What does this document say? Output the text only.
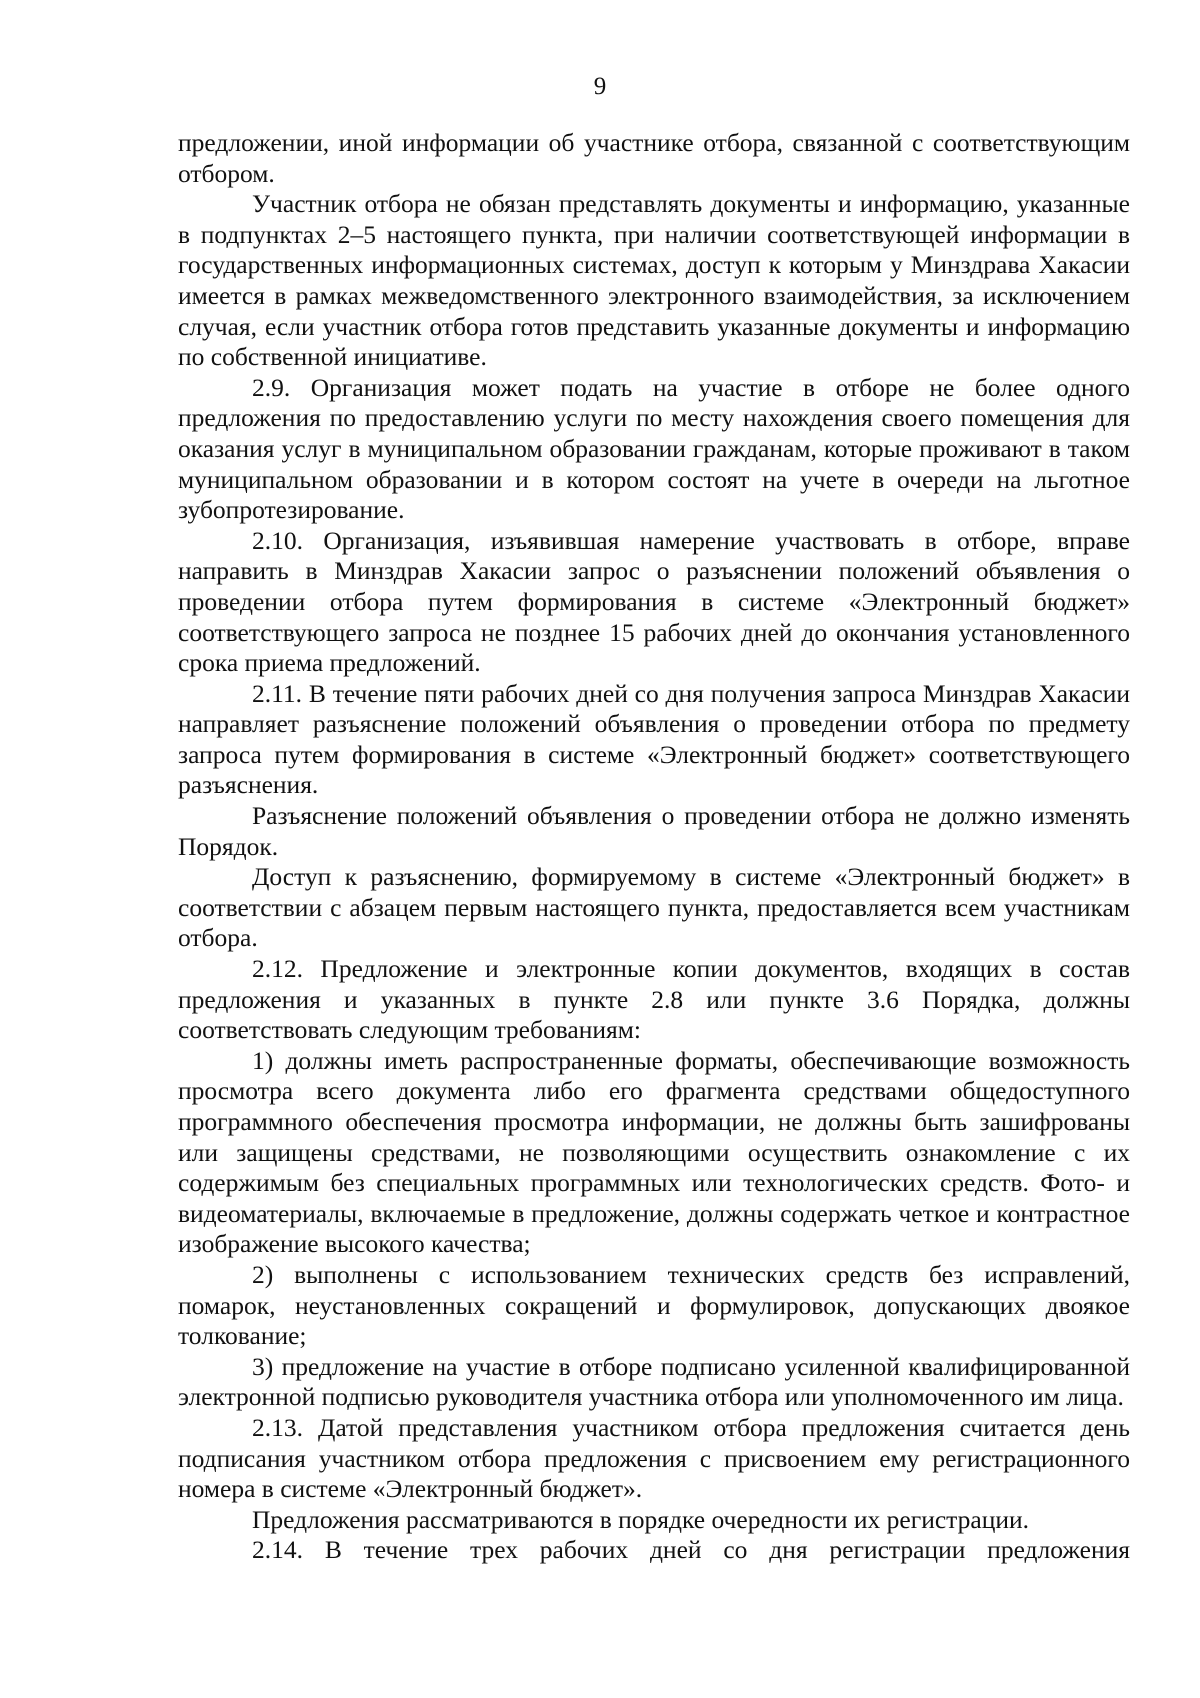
9

предложении, иной информации об участнике отбора, связанной с соответствующим отбором.

Участник отбора не обязан представлять документы и информацию, указанные в подпунктах 2–5 настоящего пункта, при наличии соответствующей информации в государственных информационных системах, доступ к которым у Минздрава Хакасии имеется в рамках межведомственного электронного взаимодействия, за исключением случая, если участник отбора готов представить указанные документы и информацию по собственной инициативе.

2.9. Организация может подать на участие в отборе не более одного предложения по предоставлению услуги по месту нахождения своего помещения для оказания услуг в муниципальном образовании гражданам, которые проживают в таком муниципальном образовании и в котором состоят на учете в очереди на льготное зубопротезирование.

2.10. Организация, изъявившая намерение участвовать в отборе, вправе направить в Минздрав Хакасии запрос о разъяснении положений объявления о проведении отбора путем формирования в системе «Электронный бюджет» соответствующего запроса не позднее 15 рабочих дней до окончания установленного срока приема предложений.

2.11. В течение пяти рабочих дней со дня получения запроса Минздрав Хакасии направляет разъяснение положений объявления о проведении отбора по предмету запроса путем формирования в системе «Электронный бюджет» соответствующего разъяснения.

Разъяснение положений объявления о проведении отбора не должно изменять Порядок.

Доступ к разъяснению, формируемому в системе «Электронный бюджет» в соответствии с абзацем первым настоящего пункта, предоставляется всем участникам отбора.

2.12. Предложение и электронные копии документов, входящих в состав предложения и указанных в пункте 2.8 или пункте 3.6 Порядка, должны соответствовать следующим требованиям:

1) должны иметь распространенные форматы, обеспечивающие возможность просмотра всего документа либо его фрагмента средствами общедоступного программного обеспечения просмотра информации, не должны быть зашифрованы или защищены средствами, не позволяющими осуществить ознакомление с их содержимым без специальных программных или технологических средств. Фото- и видеоматериалы, включаемые в предложение, должны содержать четкое и контрастное изображение высокого качества;

2) выполнены с использованием технических средств без исправлений, помарок, неустановленных сокращений и формулировок, допускающих двоякое толкование;

3) предложение на участие в отборе подписано усиленной квалифицированной электронной подписью руководителя участника отбора или уполномоченного им лица.

2.13. Датой представления участником отбора предложения считается день подписания участником отбора предложения с присвоением ему регистрационного номера в системе «Электронный бюджет».

Предложения рассматриваются в порядке очередности их регистрации.

2.14. В течение трех рабочих дней со дня регистрации предложения
